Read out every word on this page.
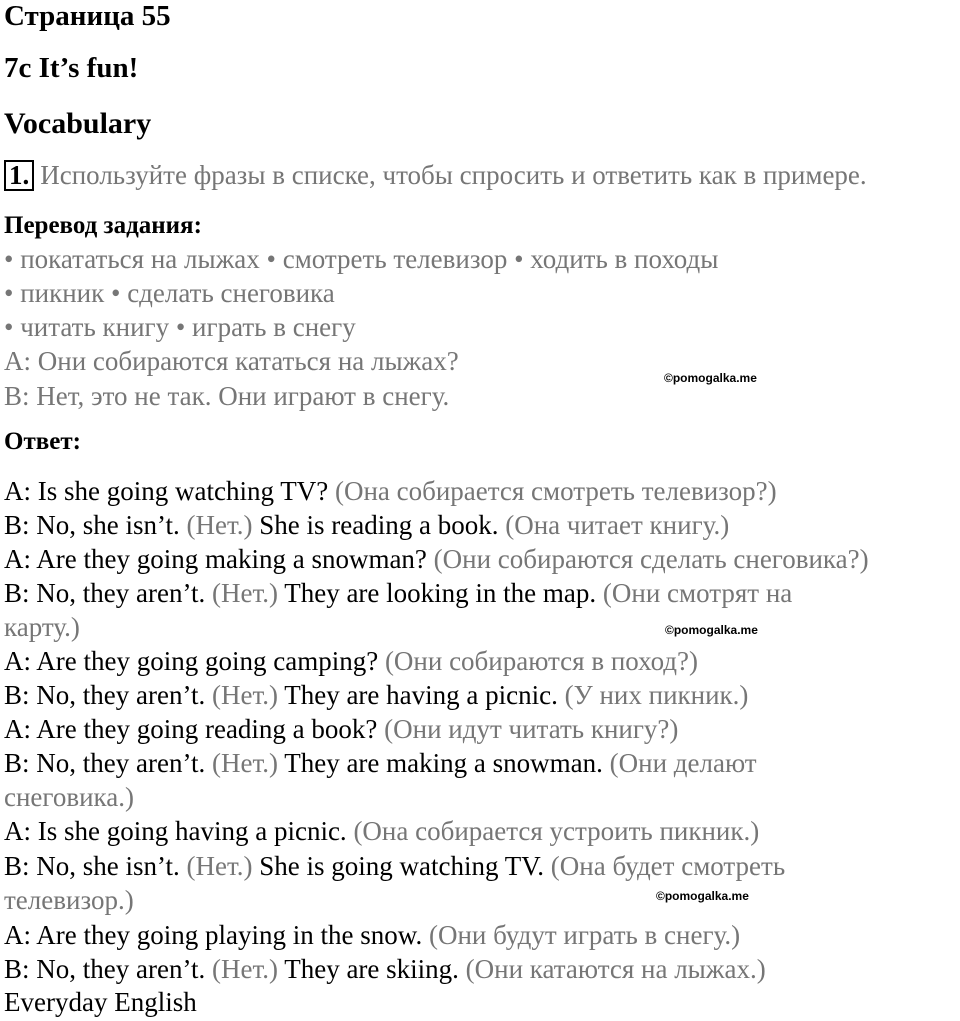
Страница 55
7c It’s fun!
Vocabulary
1. Используйте фразы в списке, чтобы спросить и ответить как в примере.
Перевод задания:
• покататься на лыжах • смотреть телевизор • ходить в походы
• пикник • сделать снеговика
• читать книгу • играть в снегу
A: Они собираются кататься на лыжах?
B: Нет, это не так. Они играют в снегу.
Ответ:
A: Is she going watching TV? (Она собирается смотреть телевизор?)
B: No, she isn’t. (Нет.) She is reading a book. (Она читает книгу.)
A: Are they going making a snowman? (Они собираются сделать снеговика?)
B: No, they aren’t. (Нет.) They are looking in the map. (Они смотрят на
карту.)
A: Are they going going camping? (Они собираются в поход?)
B: No, they aren’t. (Нет.) They are having a picnic. (У них пикник.)
A: Are they going reading a book? (Они идут читать книгу?)
B: No, they aren’t. (Нет.) They are making a snowman. (Они делают
снеговика.)
A: Is she going having a picnic. (Она собирается устроить пикник.)
B: No, she isn’t. (Нет.) She is going watching TV. (Она будет смотреть
телевизор.)
A: Are they going playing in the snow. (Они будут играть в снегу.)
B: No, they aren’t. (Нет.) They are skiing. (Они катаются на лыжах.)
Everyday English
©pomogalka.me
©pomogalka.me
©pomogalka.me
